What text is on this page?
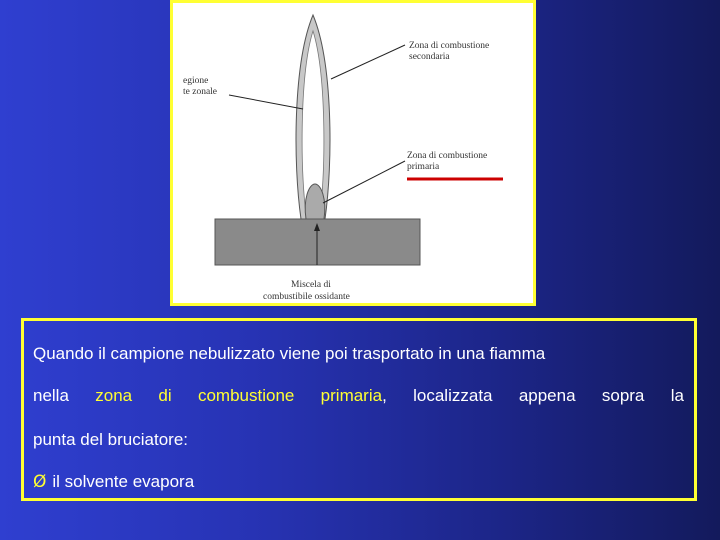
Zona di combustione
secondaria
egione
te zonale
Zona di combustione
primaria
Miscela di
combustibile ossidante
Quando il campione nebulizzato viene poi trasportato in una fiamma
nella zona di combustione primaria, localizzata appena sopra la
punta del bruciatore:
Ø il solvente evapora
